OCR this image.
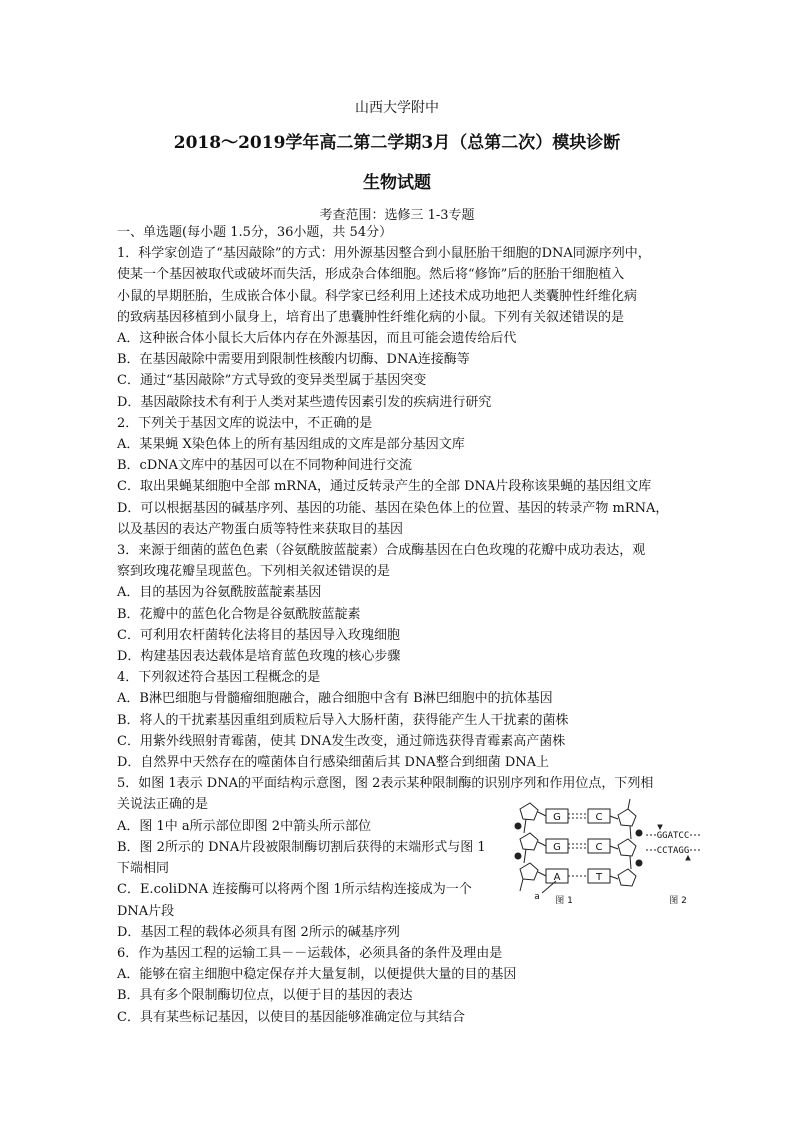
山西大学附中
2018～2019学年高二第二学期3月（总第二次）模块诊断
生物试题
考查范围：选修三 1-3专题

一、单选题(每小题 1.5分，36小题，共 54分）

1．科学家创造了“基因敲除”的方式：用外源基因整合到小鼠胚胎干细胞的DNA同源序列中，

使某一个基因被取代或破坏而失活，形成杂合体细胞。然后将“修饰”后的胚胎干细胞植入

小鼠的早期胚胎，生成嵌合体小鼠。科学家已经利用上述技术成功地把人类囊肿性纤维化病

的致病基因移植到小鼠身上，培育出了患囊肿性纤维化病的小鼠。下列有关叙述错误的是

A．这种嵌合体小鼠长大后体内存在外源基因，而且可能会遗传给后代

B．在基因敲除中需要用到限制性核酸内切酶、DNA连接酶等

C．通过“基因敲除”方式导致的变异类型属于基因突变

D．基因敲除技术有利于人类对某些遗传因素引发的疾病进行研究

2．下列关于基因文库的说法中，不正确的是

A．某果蝇 X染色体上的所有基因组成的文库是部分基因文库

B．cDNA文库中的基因可以在不同物种间进行交流

C．取出果蝇某细胞中全部 mRNA，通过反转录产生的全部 DNA片段称该果蝇的基因组文库

D．可以根据基因的碱基序列、基因的功能、基因在染色体上的位置、基因的转录产物 mRNA，

以及基因的表达产物蛋白质等特性来获取目的基因

3．来源于细菌的蓝色色素（谷氨酰胺蓝靛素）合成酶基因在白色玫瑰的花瓣中成功表达，观

察到玫瑰花瓣呈现蓝色。下列相关叙述错误的是

A．目的基因为谷氨酰胺蓝靛素基因

B．花瓣中的蓝色化合物是谷氨酰胺蓝靛素

C．可利用农杆菌转化法将目的基因导入玫瑰细胞

D．构建基因表达载体是培育蓝色玫瑰的核心步骤

4．下列叙述符合基因工程概念的是

A．B淋巴细胞与骨髓瘤细胞融合，融合细胞中含有 B淋巴细胞中的抗体基因

B．将人的干扰素基因重组到质粒后导入大肠杆菌，获得能产生人干扰素的菌株

C．用紫外线照射青霉菌，使其 DNA发生改变，通过筛选获得青霉素高产菌株

D．自然界中天然存在的噬菌体自行感染细菌后其 DNA整合到细菌 DNA上

5．如图 1表示 DNA的平面结构示意图，图 2表示某种限制酶的识别序列和作用位点，下列相

关说法正确的是

A．图 1中 a所示部位即图 2中箭头所示部位

B．图 2所示的 DNA片段被限制酶切割后获得的末端形式与图 1

下端相同

C．E.coliDNA 连接酶可以将两个图 1所示结构连接成为一个

DNA片段

D．基因工程的载体必须具有图 2所示的碱基序列

6．作为基因工程的运输工具－－运载体，必须具备的条件及理由是

A．能够在宿主细胞中稳定保存并大量复制，以便提供大量的目的基因

B．具有多个限制酶切位点，以便于目的基因的表达

C．具有某些标记基因，以使目的基因能够准确定位与其结合

G	C
G	C
A	T
a 图 1	图 2
GGATCC
CCTAGG
